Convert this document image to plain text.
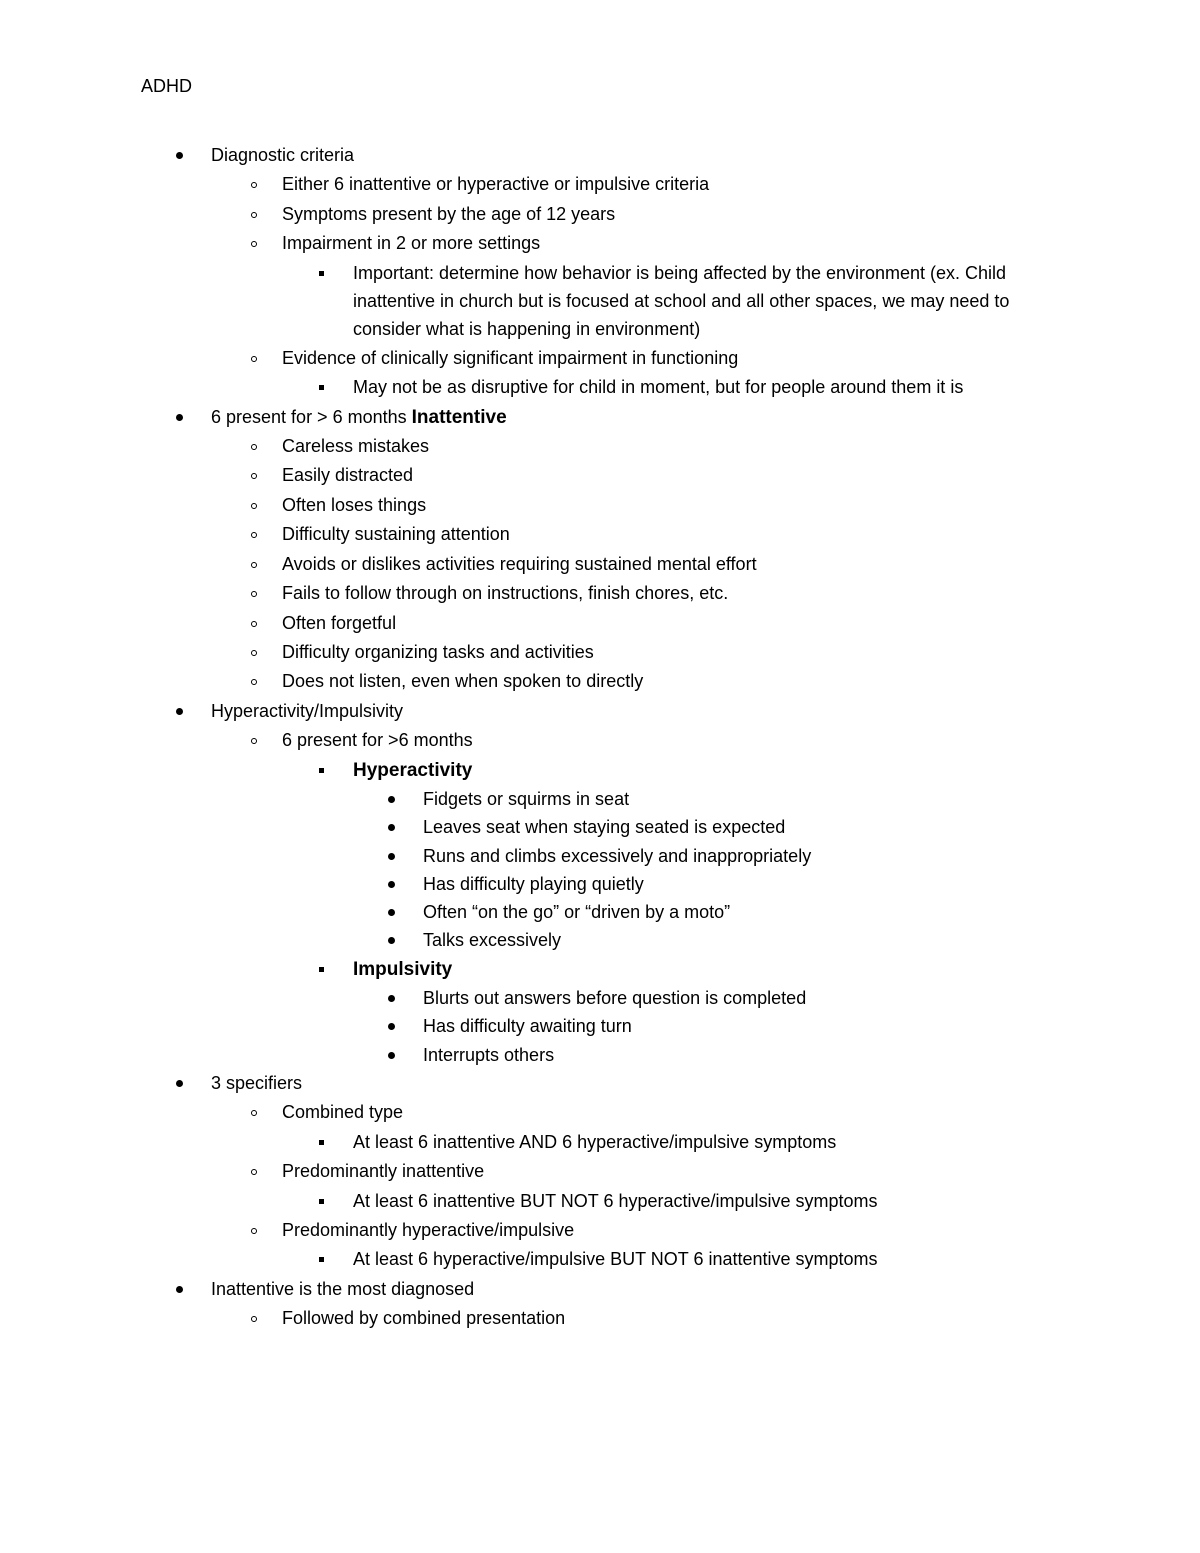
ADHD
Diagnostic criteria
Either 6 inattentive or hyperactive or impulsive criteria
Symptoms present by the age of 12 years
Impairment in 2 or more settings
Important: determine how behavior is being affected by the environment (ex. Child inattentive in church but is focused at school and all other spaces, we may need to consider what is happening in environment)
Evidence of clinically significant impairment in functioning
May not be as disruptive for child in moment, but for people around them it is
6 present for > 6 months Inattentive
Careless mistakes
Easily distracted
Often loses things
Difficulty sustaining attention
Avoids or dislikes activities requiring sustained mental effort
Fails to follow through on instructions, finish chores, etc.
Often forgetful
Difficulty organizing tasks and activities
Does not listen, even when spoken to directly
Hyperactivity/Impulsivity
6 present for >6 months
Hyperactivity
Fidgets or squirms in seat
Leaves seat when staying seated is expected
Runs and climbs excessively and inappropriately
Has difficulty playing quietly
Often “on the go” or “driven by a moto”
Talks excessively
Impulsivity
Blurts out answers before question is completed
Has difficulty awaiting turn
Interrupts others
3 specifiers
Combined type
At least 6 inattentive AND 6 hyperactive/impulsive symptoms
Predominantly inattentive
At least 6 inattentive BUT NOT 6 hyperactive/impulsive symptoms
Predominantly hyperactive/impulsive
At least 6 hyperactive/impulsive BUT NOT 6 inattentive symptoms
Inattentive is the most diagnosed
Followed by combined presentation
